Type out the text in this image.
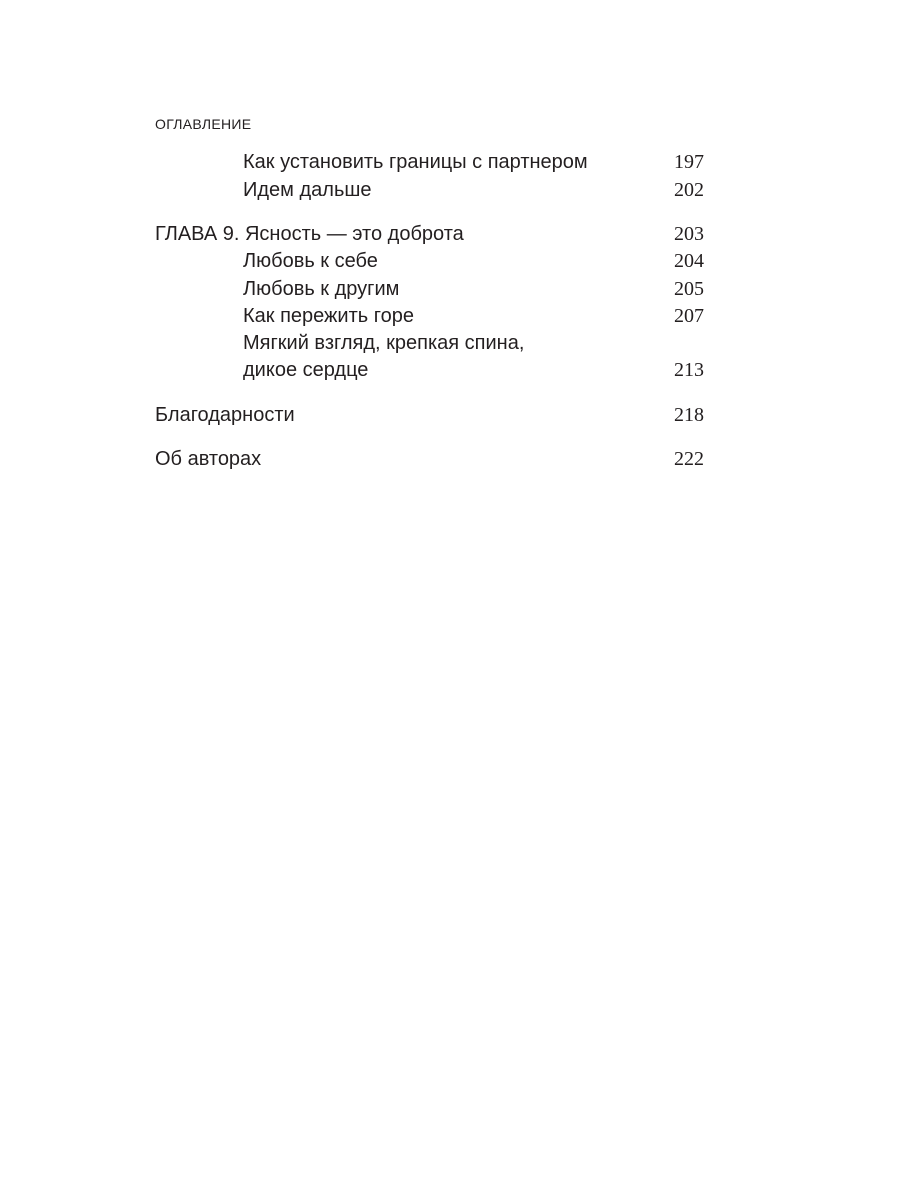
ОГЛАВЛЕНИЕ
Как установить границы с партнером	197
Идем дальше	202
ГЛАВА 9. Ясность — это доброта	203
Любовь к себе	204
Любовь к другим	205
Как пережить горе	207
Мягкий взгляд, крепкая спина,
дикое сердце	213
Благодарности	218
Об авторах	222
